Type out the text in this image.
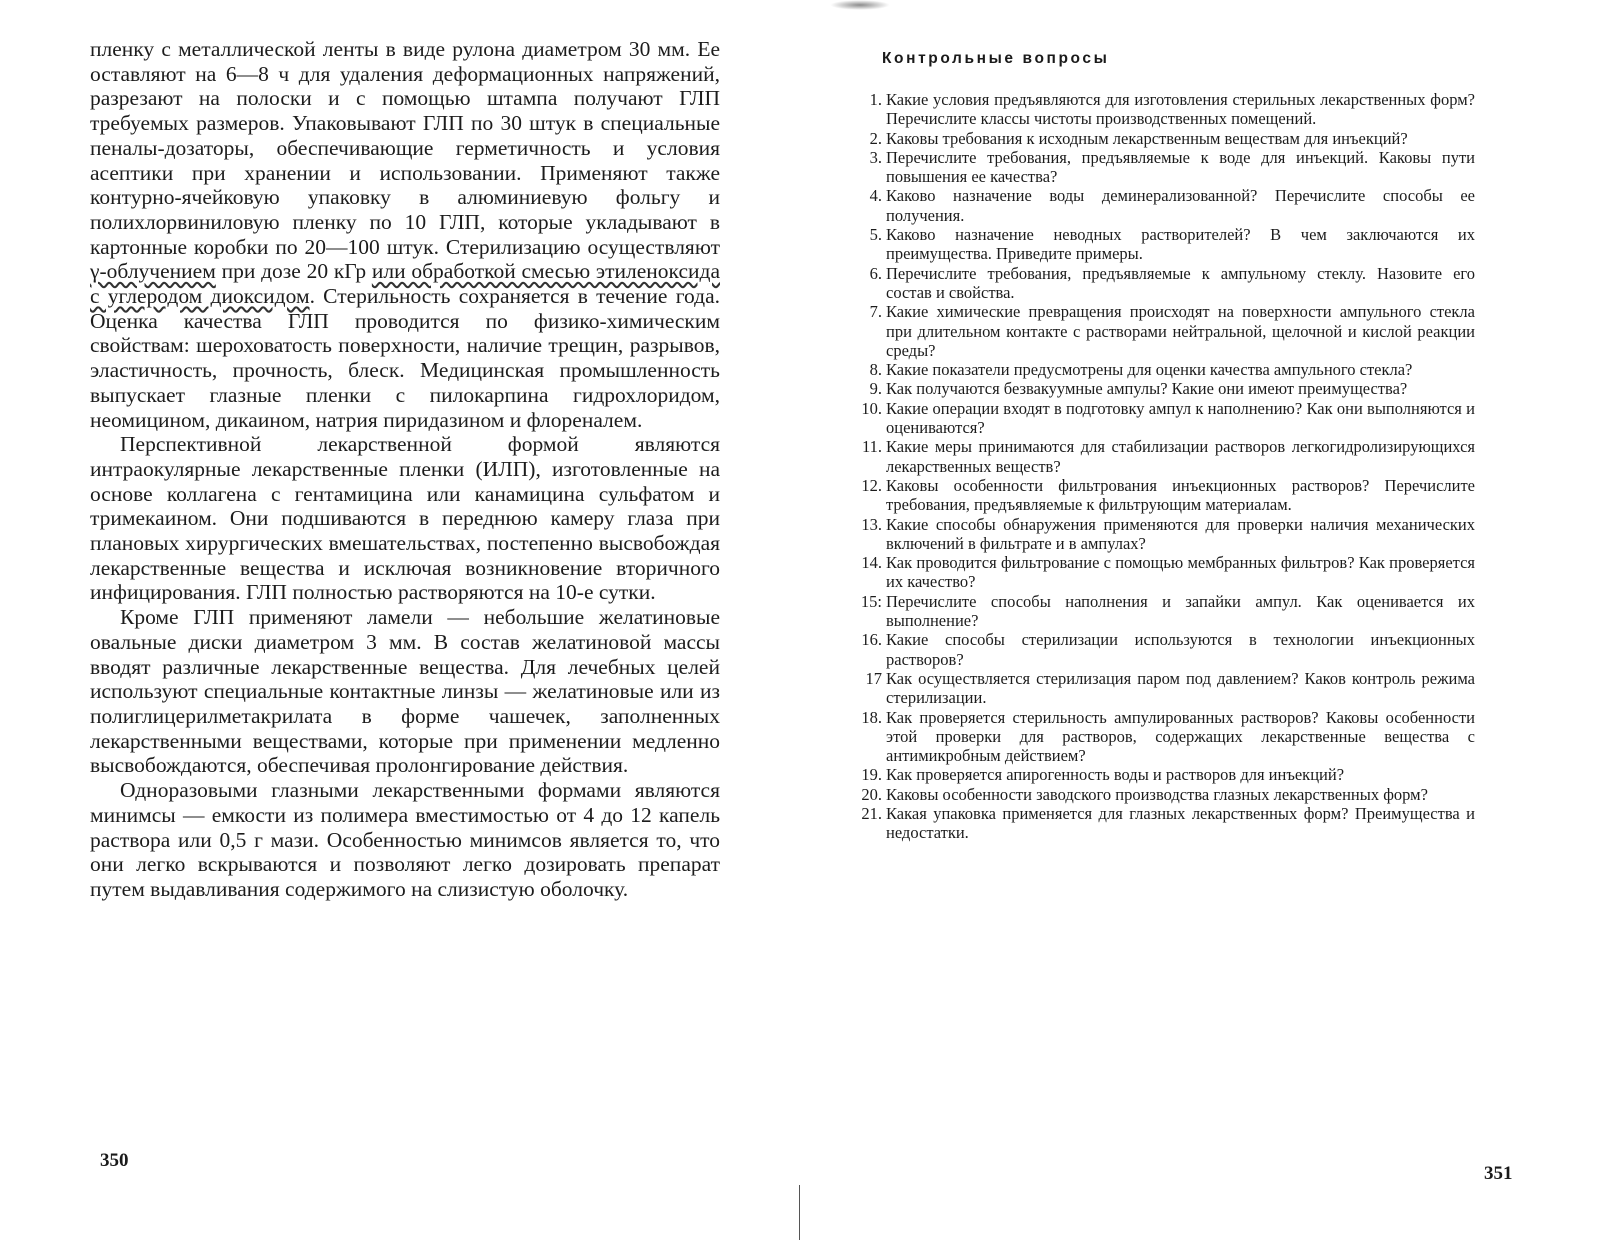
пленку с металлической ленты в виде рулона диаметром 30 мм. Ее оставляют на 6—8 ч для удаления деформационных напряжений, разрезают на полоски и с помощью штампа получают ГЛП требуемых размеров. Упаковывают ГЛП по 30 штук в специальные пеналы-дозаторы, обеспечивающие герметичность и условия асептики при хранении и использовании. Применяют также контурно-ячейковую упаковку в алюминиевую фольгу и полихлорвиниловую пленку по 10 ГЛП, которые укладывают в картонные коробки по 20—100 штук. Стерилизацию осуществляют γ-облучением при дозе 20 кГр или обработкой смесью этиленоксида с углеродом диоксидом. Стерильность сохраняется в течение года. Оценка качества ГЛП проводится по физико-химическим свойствам: шероховатость поверхности, наличие трещин, разрывов, эластичность, прочность, блеск. Медицинская промышленность выпускает глазные пленки с пилокарпина гидрохлоридом, неомицином, дикаином, натрия пиридазином и флореналем.

Перспективной лекарственной формой являются интраокулярные лекарственные пленки (ИЛП), изготовленные на основе коллагена с гентамицина или канамицина сульфатом и тримекаином. Они подшиваются в переднюю камеру глаза при плановых хирургических вмешательствах, постепенно высвобождая лекарственные вещества и исключая возникновение вторичного инфицирования. ГЛП полностью растворяются на 10-е сутки.

Кроме ГЛП применяют ламели — небольшие желатиновые овальные диски диаметром 3 мм. В состав желатиновой массы вводят различные лекарственные вещества. Для лечебных целей используют специальные контактные линзы — желатиновые или из полиглицерилметакрилата в форме чашечек, заполненных лекарственными веществами, которые при применении медленно высвобождаются, обеспечивая пролонгирование действия.

Одноразовыми глазными лекарственными формами являются минимсы — емкости из полимера вместимостью от 4 до 12 капель раствора или 0,5 г мази. Особенностью минимсов является то, что они легко вскрываются и позволяют легко дозировать препарат путем выдавливания содержимого на слизистую оболочку.

350
Контрольные вопросы
1. Какие условия предъявляются для изготовления стерильных лекарственных форм? Перечислите классы чистоты производственных помещений.
2. Каковы требования к исходным лекарственным веществам для инъекций?
3. Перечислите требования, предъявляемые к воде для инъекций. Каковы пути повышения ее качества?
4. Каково назначение воды деминерализованной? Перечислите способы ее получения.
5. Каково назначение неводных растворителей? В чем заключаются их преимущества. Приведите примеры.
6. Перечислите требования, предъявляемые к ампульному стеклу. Назовите его состав и свойства.
7. Какие химические превращения происходят на поверхности ампульного стекла при длительном контакте с растворами нейтральной, щелочной и кислой реакции среды?
8. Какие показатели предусмотрены для оценки качества ампульного стекла?
9. Как получаются безвакуумные ампулы? Какие они имеют преимущества?
10. Какие операции входят в подготовку ампул к наполнению? Как они выполняются и оцениваются?
11. Какие меры принимаются для стабилизации растворов легкогидролизирующихся лекарственных веществ?
12. Каковы особенности фильтрования инъекционных растворов? Перечислите требования, предъявляемые к фильтрующим материалам.
13. Какие способы обнаружения применяются для проверки наличия механических включений в фильтрате и в ампулах?
14. Как проводится фильтрование с помощью мембранных фильтров? Как проверяется их качество?
15: Перечислите способы наполнения и запайки ампул. Как оценивается их выполнение?
16. Какие способы стерилизации используются в технологии инъекционных растворов?
17 Как осуществляется стерилизация паром под давлением? Каков контроль режима стерилизации.
18. Как проверяется стерильность ампулированных растворов? Каковы особенности этой проверки для растворов, содержащих лекарственные вещества с антимикробным действием?
19. Как проверяется апирогенность воды и растворов для инъекций?
20. Каковы особенности заводского производства глазных лекарственных форм?
21. Какая упаковка применяется для глазных лекарственных форм? Преимущества и недостатки.
351
